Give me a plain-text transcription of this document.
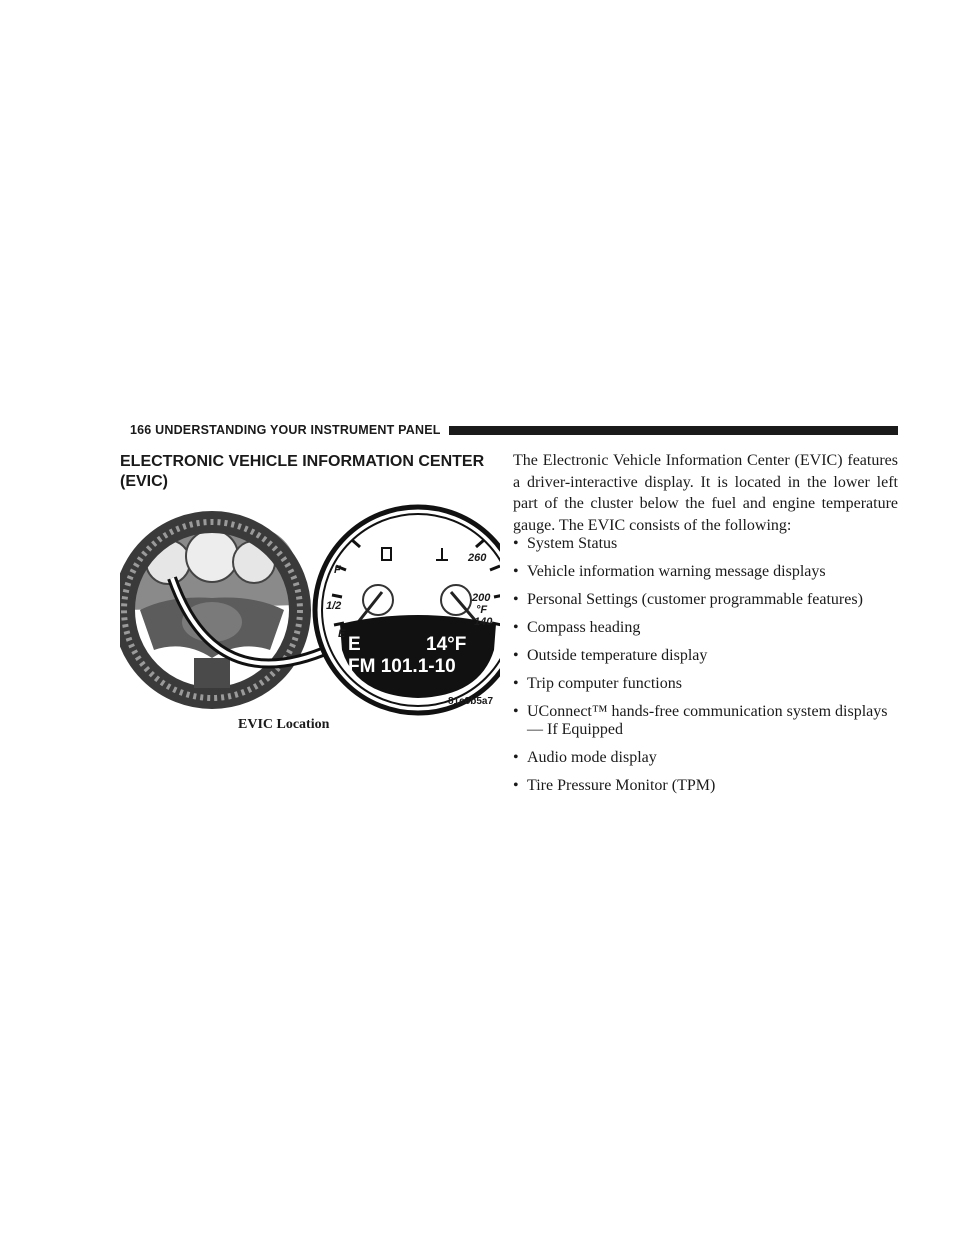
166 UNDERSTANDING YOUR INSTRUMENT PANEL
ELECTRONIC VEHICLE INFORMATION CENTER (EVIC)
F
1/2
E
260
200
°F
140
E	14°F
FM 101.1-10
81c8b5a7
EVIC Location

The Electronic Vehicle Information Center (EVIC) features a driver-interactive display. It is located in the lower left part of the cluster below the fuel and engine temperature gauge. The EVIC consists of the following:

• System Status
• Vehicle information warning message displays
• Personal Settings (customer programmable features)
• Compass heading
• Outside temperature display
• Trip computer functions
• UConnect™ hands-free communication system displays — If Equipped
• Audio mode display
• Tire Pressure Monitor (TPM)
